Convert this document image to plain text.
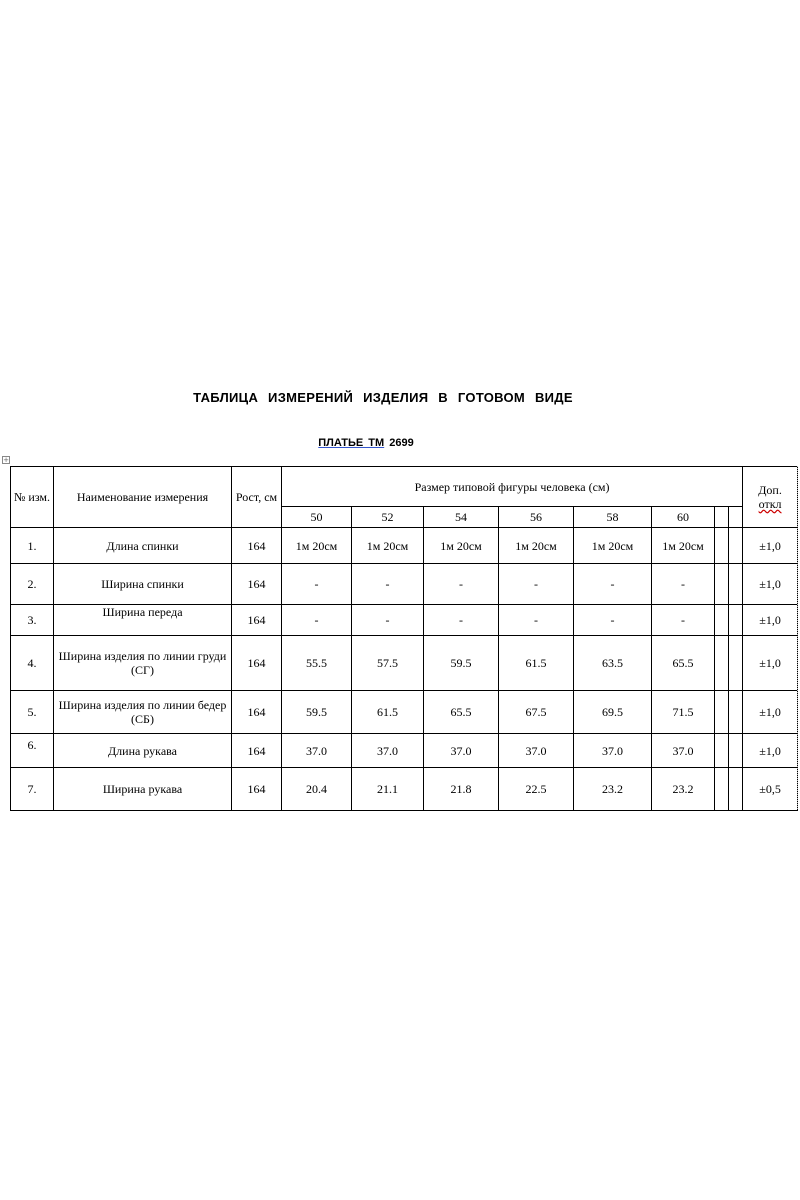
ТАБЛИЦА ИЗМЕРЕНИЙ ИЗДЕЛИЯ В ГОТОВОМ ВИДЕ
ПЛАТЬЕ ТМ 2699
+
№ изм.	Наименование измерения	Рост, см	Размер типовой фигуры человека (см)								Доп.
откл

			50	52	54	56	58	60			
1.	Длина спинки	164	1м 20см	1м 20см	1м 20см	1м 20см	1м 20см	1м 20см			±1,0
2.	Ширина спинки	164	-	-	-	-	-	-			±1,0
3.	Ширина переда	164	-	-	-	-	-	-			±1,0
4.	Ширина изделия по линии груди (СГ)	164	55.5	57.5	59.5	61.5	63.5	65.5			±1,0
5.	Ширина изделия по линии бедер (СБ)	164	59.5	61.5	65.5	67.5	69.5	71.5			±1,0
6.	Длина рукава	164	37.0	37.0	37.0	37.0	37.0	37.0			±1,0
7.	Ширина рукава	164	20.4	21.1	21.8	22.5	23.2	23.2			±0,5
